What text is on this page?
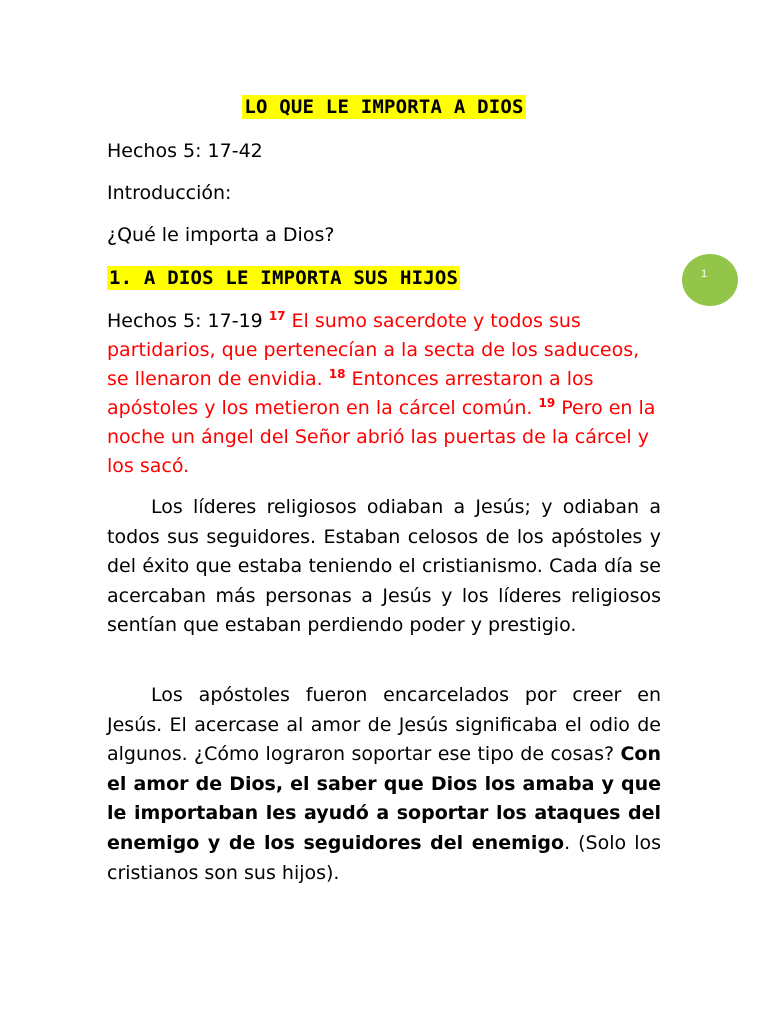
LO QUE LE IMPORTA A DIOS
Hechos 5: 17-42
Introducción:
¿Qué le importa a Dios?
1. A DIOS LE IMPORTA SUS HIJOS
Hechos 5: 17-19 $^{17}$ El sumo sacerdote y todos sus partidarios, que pertenecían a la secta de los saduceos, se llenaron de envidia. $^{18}$ Entonces arrestaron a los apóstoles y los metieron en la cárcel común. $^{19}$ Pero en la noche un ángel del Señor abrió las puertas de la cárcel y los sacó.

Los líderes religiosos odiaban a Jesús; y odiaban a todos sus seguidores. Estaban celosos de los apóstoles y del éxito que estaba teniendo el cristianismo. Cada día se acercaban más personas a Jesús y los líderes religiosos sentían que estaban perdiendo poder y prestigio.

Los apóstoles fueron encarcelados por creer en Jesús. El acercase al amor de Jesús significaba el odio de algunos. ¿Cómo lograron soportar ese tipo de cosas? Con el amor de Dios, el saber que Dios los amaba y que le importaban les ayudó a soportar los ataques del enemigo y de los seguidores del enemigo. (Solo los cristianos son sus hijos).

1
